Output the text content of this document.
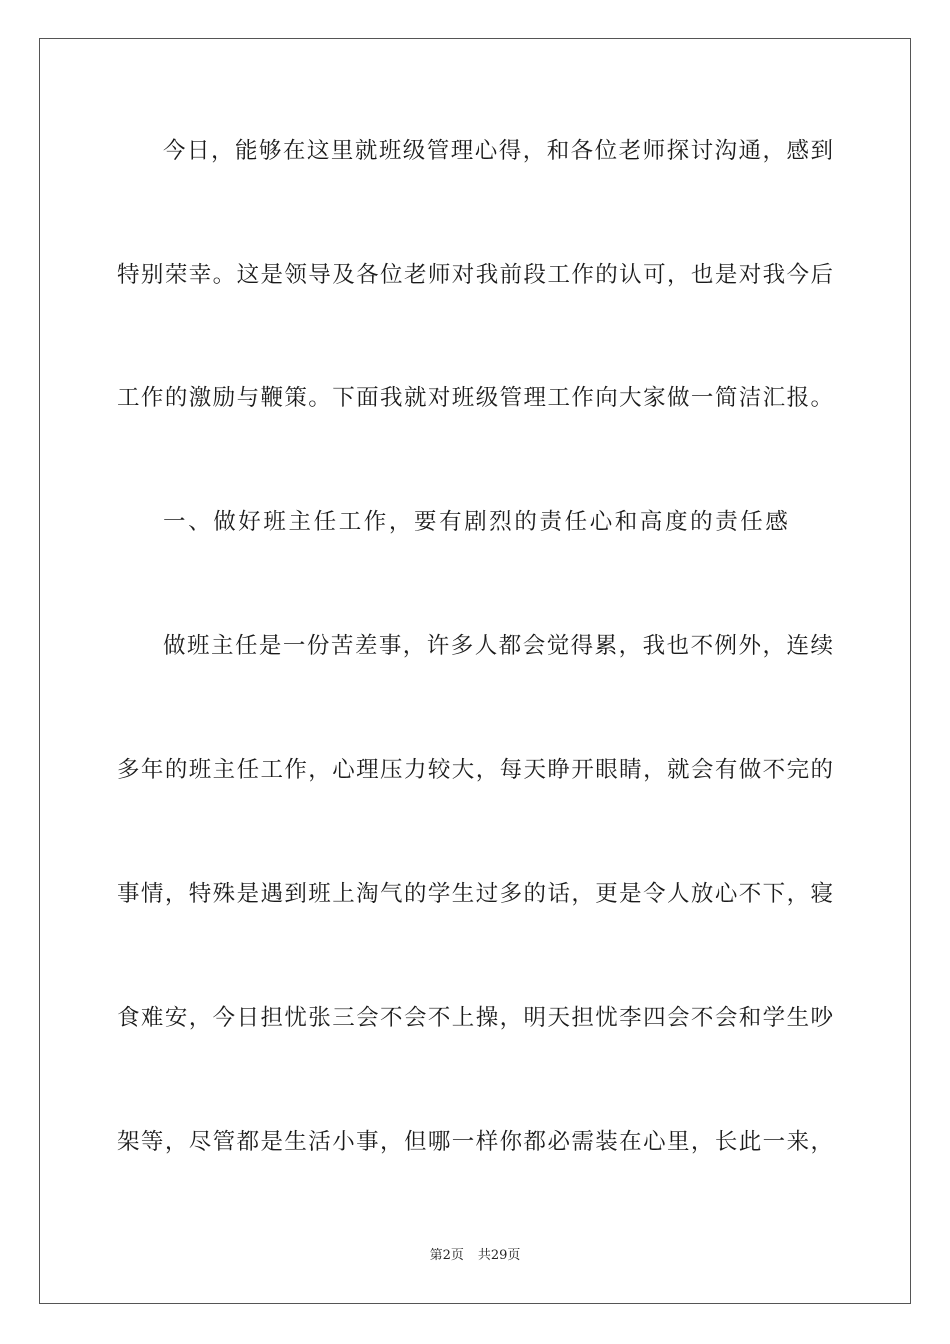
今日，能够在这里就班级管理心得，和各位老师探讨沟通，感到
特别荣幸。这是领导及各位老师对我前段工作的认可，也是对我今后
工作的激励与鞭策。下面我就对班级管理工作向大家做一简洁汇报。
一、做好班主任工作，要有剧烈的责任心和高度的责任感
做班主任是一份苦差事，许多人都会觉得累，我也不例外，连续
多年的班主任工作，心理压力较大，每天睁开眼睛，就会有做不完的
事情，特殊是遇到班上淘气的学生过多的话，更是令人放心不下，寝
食难安，今日担忧张三会不会不上操，明天担忧李四会不会和学生吵
架等，尽管都是生活小事，但哪一样你都必需装在心里，长此一来，
第2页 共29页
